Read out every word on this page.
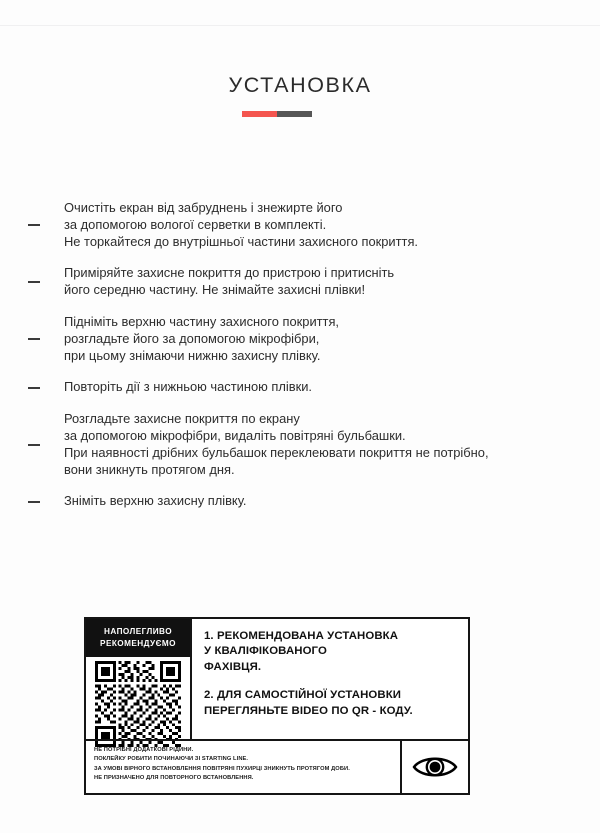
УСТАНОВКА
Очистіть екран від забруднень і знежирте його
за допомогою вологої серветки в комплекті.
Не торкайтеся до внутрішньої частини захисного покриття.
Приміряйте захисне покриття до пристрою і притисніть
його середню частину. Не знімайте захисні плівки!
Підніміть верхню частину захисного покриття,
розгладьте його за допомогою мікрофібри,
при цьому знімаючи нижню захисну плівку.
Повторіть дії з нижньою частиною плівки.
Розгладьте захисне покриття по екрану
за допомогою мікрофібри, видаліть повітряні бульбашки.
При наявності дрібних бульбашок переклеювати покриття не потрібно,
вони зникнуть протягом дня.
Зніміть верхню захисну плівку.
НАПОЛЕГЛИВО
РЕКОМЕНДУЄМО
1. РЕКОМЕНДОВАНА УСТАНОВКА
У КВАЛІФІКОВАНОГО
ФАХІВЦЯ.
2. ДЛЯ САМОСТІЙНОЇ УСТАНОВКИ
ПЕРЕГЛЯНЬТЕ ВІDЕО ПО QR - КОДУ.
НЕ ПОТРІБНІ ДОДАТКОВІ РІДИНИ.
ПОКЛЕЙКУ РОБИТИ ПОЧИНАЮЧИ ЗІ STARTING LINE.
ЗА УМОВІ ВІРНОГО ВСТАНОВЛЕННЯ ПОВІТРЯНІ ПУХИРЦІ ЗНИКНУТЬ ПРОТЯГОМ ДОБИ.
НЕ ПРИЗНАЧЕНО ДЛЯ ПОВТОРНОГО ВСТАНОВЛЕННЯ.
